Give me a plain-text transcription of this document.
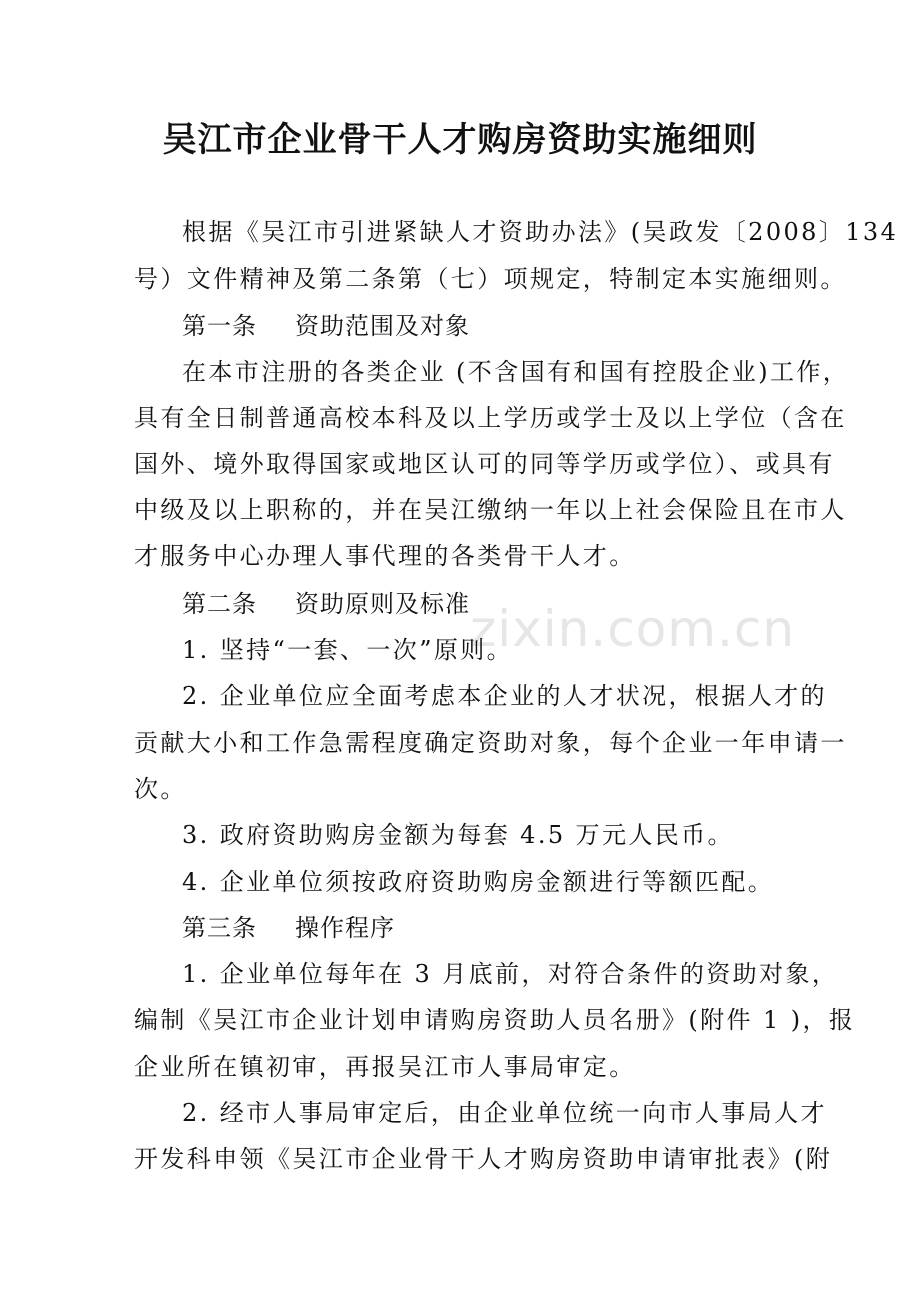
zixin.com.cn
吴江市企业骨干人才购房资助实施细则
根据《吴江市引进紧缺人才资助办法》(吴政发〔2008〕134
号）文件精神及第二条第（七）项规定，特制定本实施细则。
第一条 资助范围及对象
在本市注册的各类企业 (不含国有和国有控股企业)工作，
具有全日制普通高校本科及以上学历或学士及以上学位（含在
国外、境外取得国家或地区认可的同等学历或学位）、或具有
中级及以上职称的，并在吴江缴纳一年以上社会保险且在市人
才服务中心办理人事代理的各类骨干人才。
第二条 资助原则及标准
1. 坚持“一套、一次”原则。
2. 企业单位应全面考虑本企业的人才状况，根据人才的
贡献大小和工作急需程度确定资助对象，每个企业一年申请一
次。
3. 政府资助购房金额为每套 4.5 万元人民币。
4. 企业单位须按政府资助购房金额进行等额匹配。
第三条 操作程序
1. 企业单位每年在 3 月底前，对符合条件的资助对象，
编制《吴江市企业计划申请购房资助人员名册》(附件 1 )，报
企业所在镇初审，再报吴江市人事局审定。
2. 经市人事局审定后，由企业单位统一向市人事局人才
开发科申领《吴江市企业骨干人才购房资助申请审批表》(附
